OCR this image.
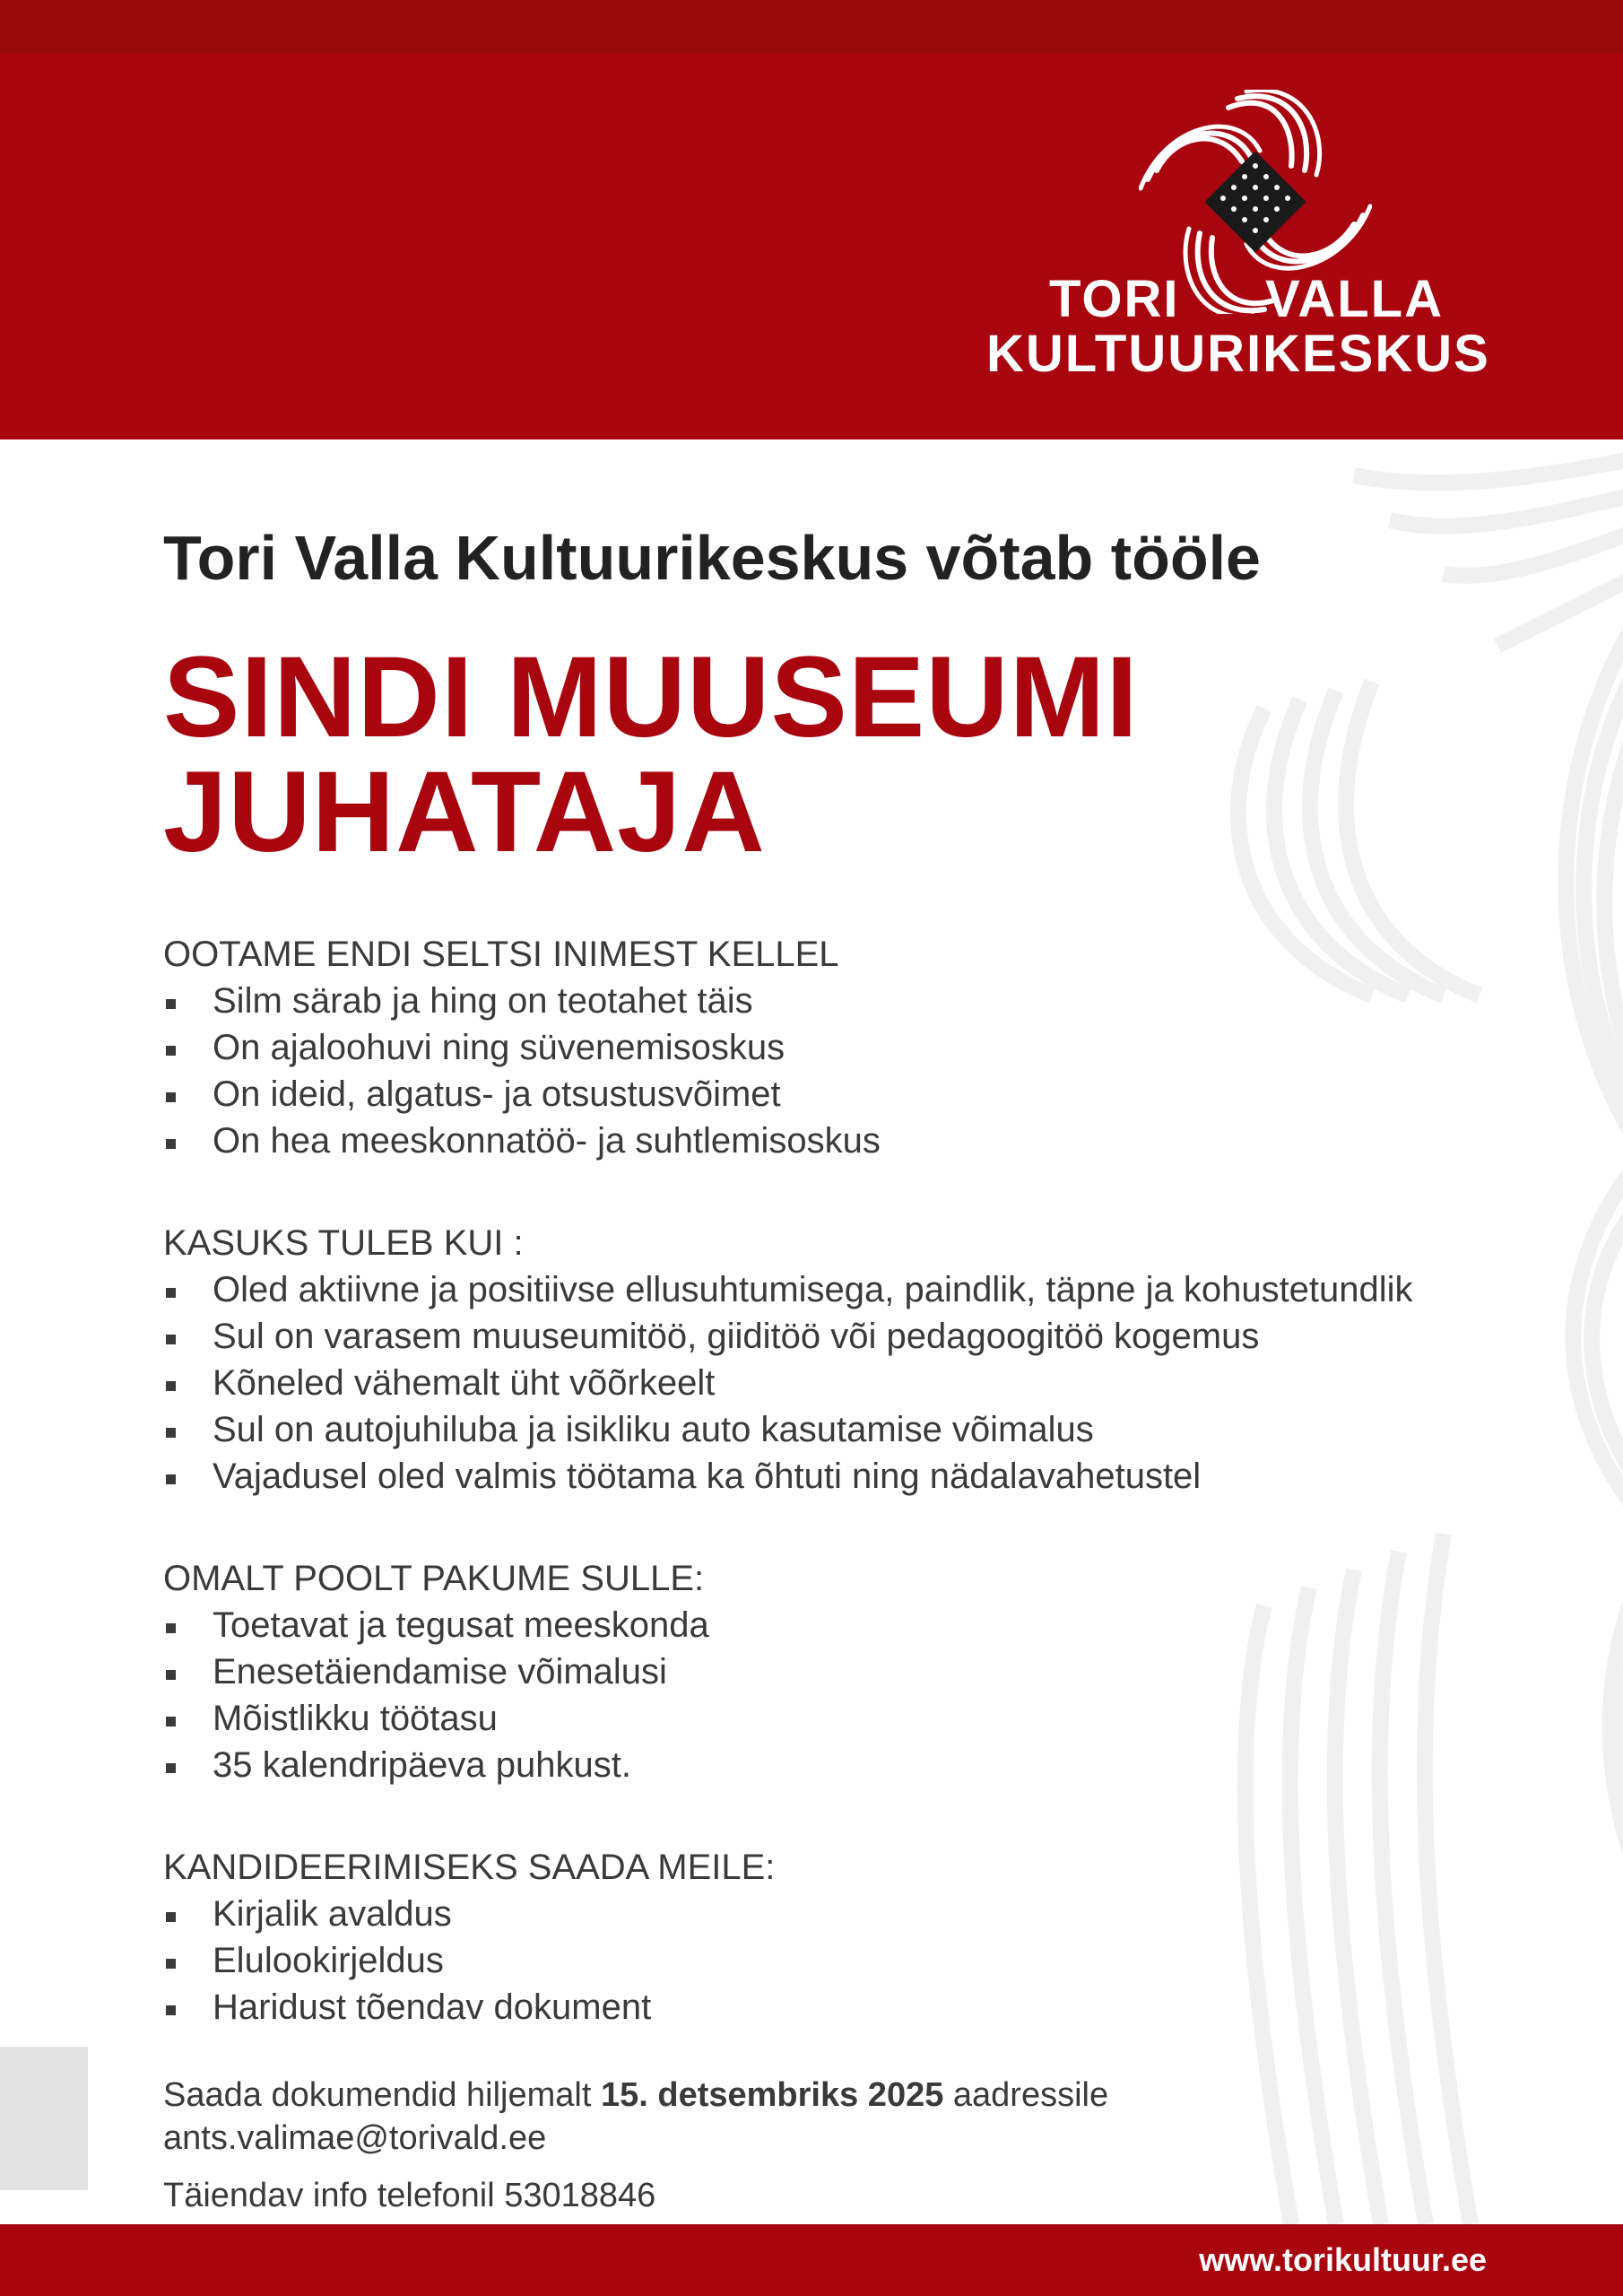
TORI VALLA
KULTUURIKESKUS
Tori Valla Kultuurikeskus võtab tööle
SINDI MUUSEUMI
JUHATAJA

OOTAME ENDI SELTSI INIMEST KELLEL

Silm särab ja hing on teotahet täis
On ajaloohuvi ning süvenemisoskus
On ideid, algatus- ja otsustusvõimet
On hea meeskonnatöö- ja suhtlemisoskus

KASUKS TULEB KUI :

Oled aktiivne ja positiivse ellusuhtumisega, paindlik, täpne ja kohustetundlik
Sul on varasem muuseumitöö, giiditöö või pedagoogitöö kogemus
Kõneled vähemalt üht võõrkeelt
Sul on autojuhiluba ja isikliku auto kasutamise võimalus
Vajadusel oled valmis töötama ka õhtuti ning nädalavahetustel

OMALT POOLT PAKUME SULLE:

Toetavat ja tegusat meeskonda
Enesetäiendamise võimalusi
Mõistlikku töötasu
35 kalendripäeva puhkust.

KANDIDEERIMISEKS SAADA MEILE:

Kirjalik avaldus
Elulookirjeldus
Haridust tõendav dokument

Saada dokumendid hiljemalt 15. detsembriks 2025 aadressile

ants.valimae@torivald.ee

Täiendav info telefonil 53018846

www.torikultuur.ee
